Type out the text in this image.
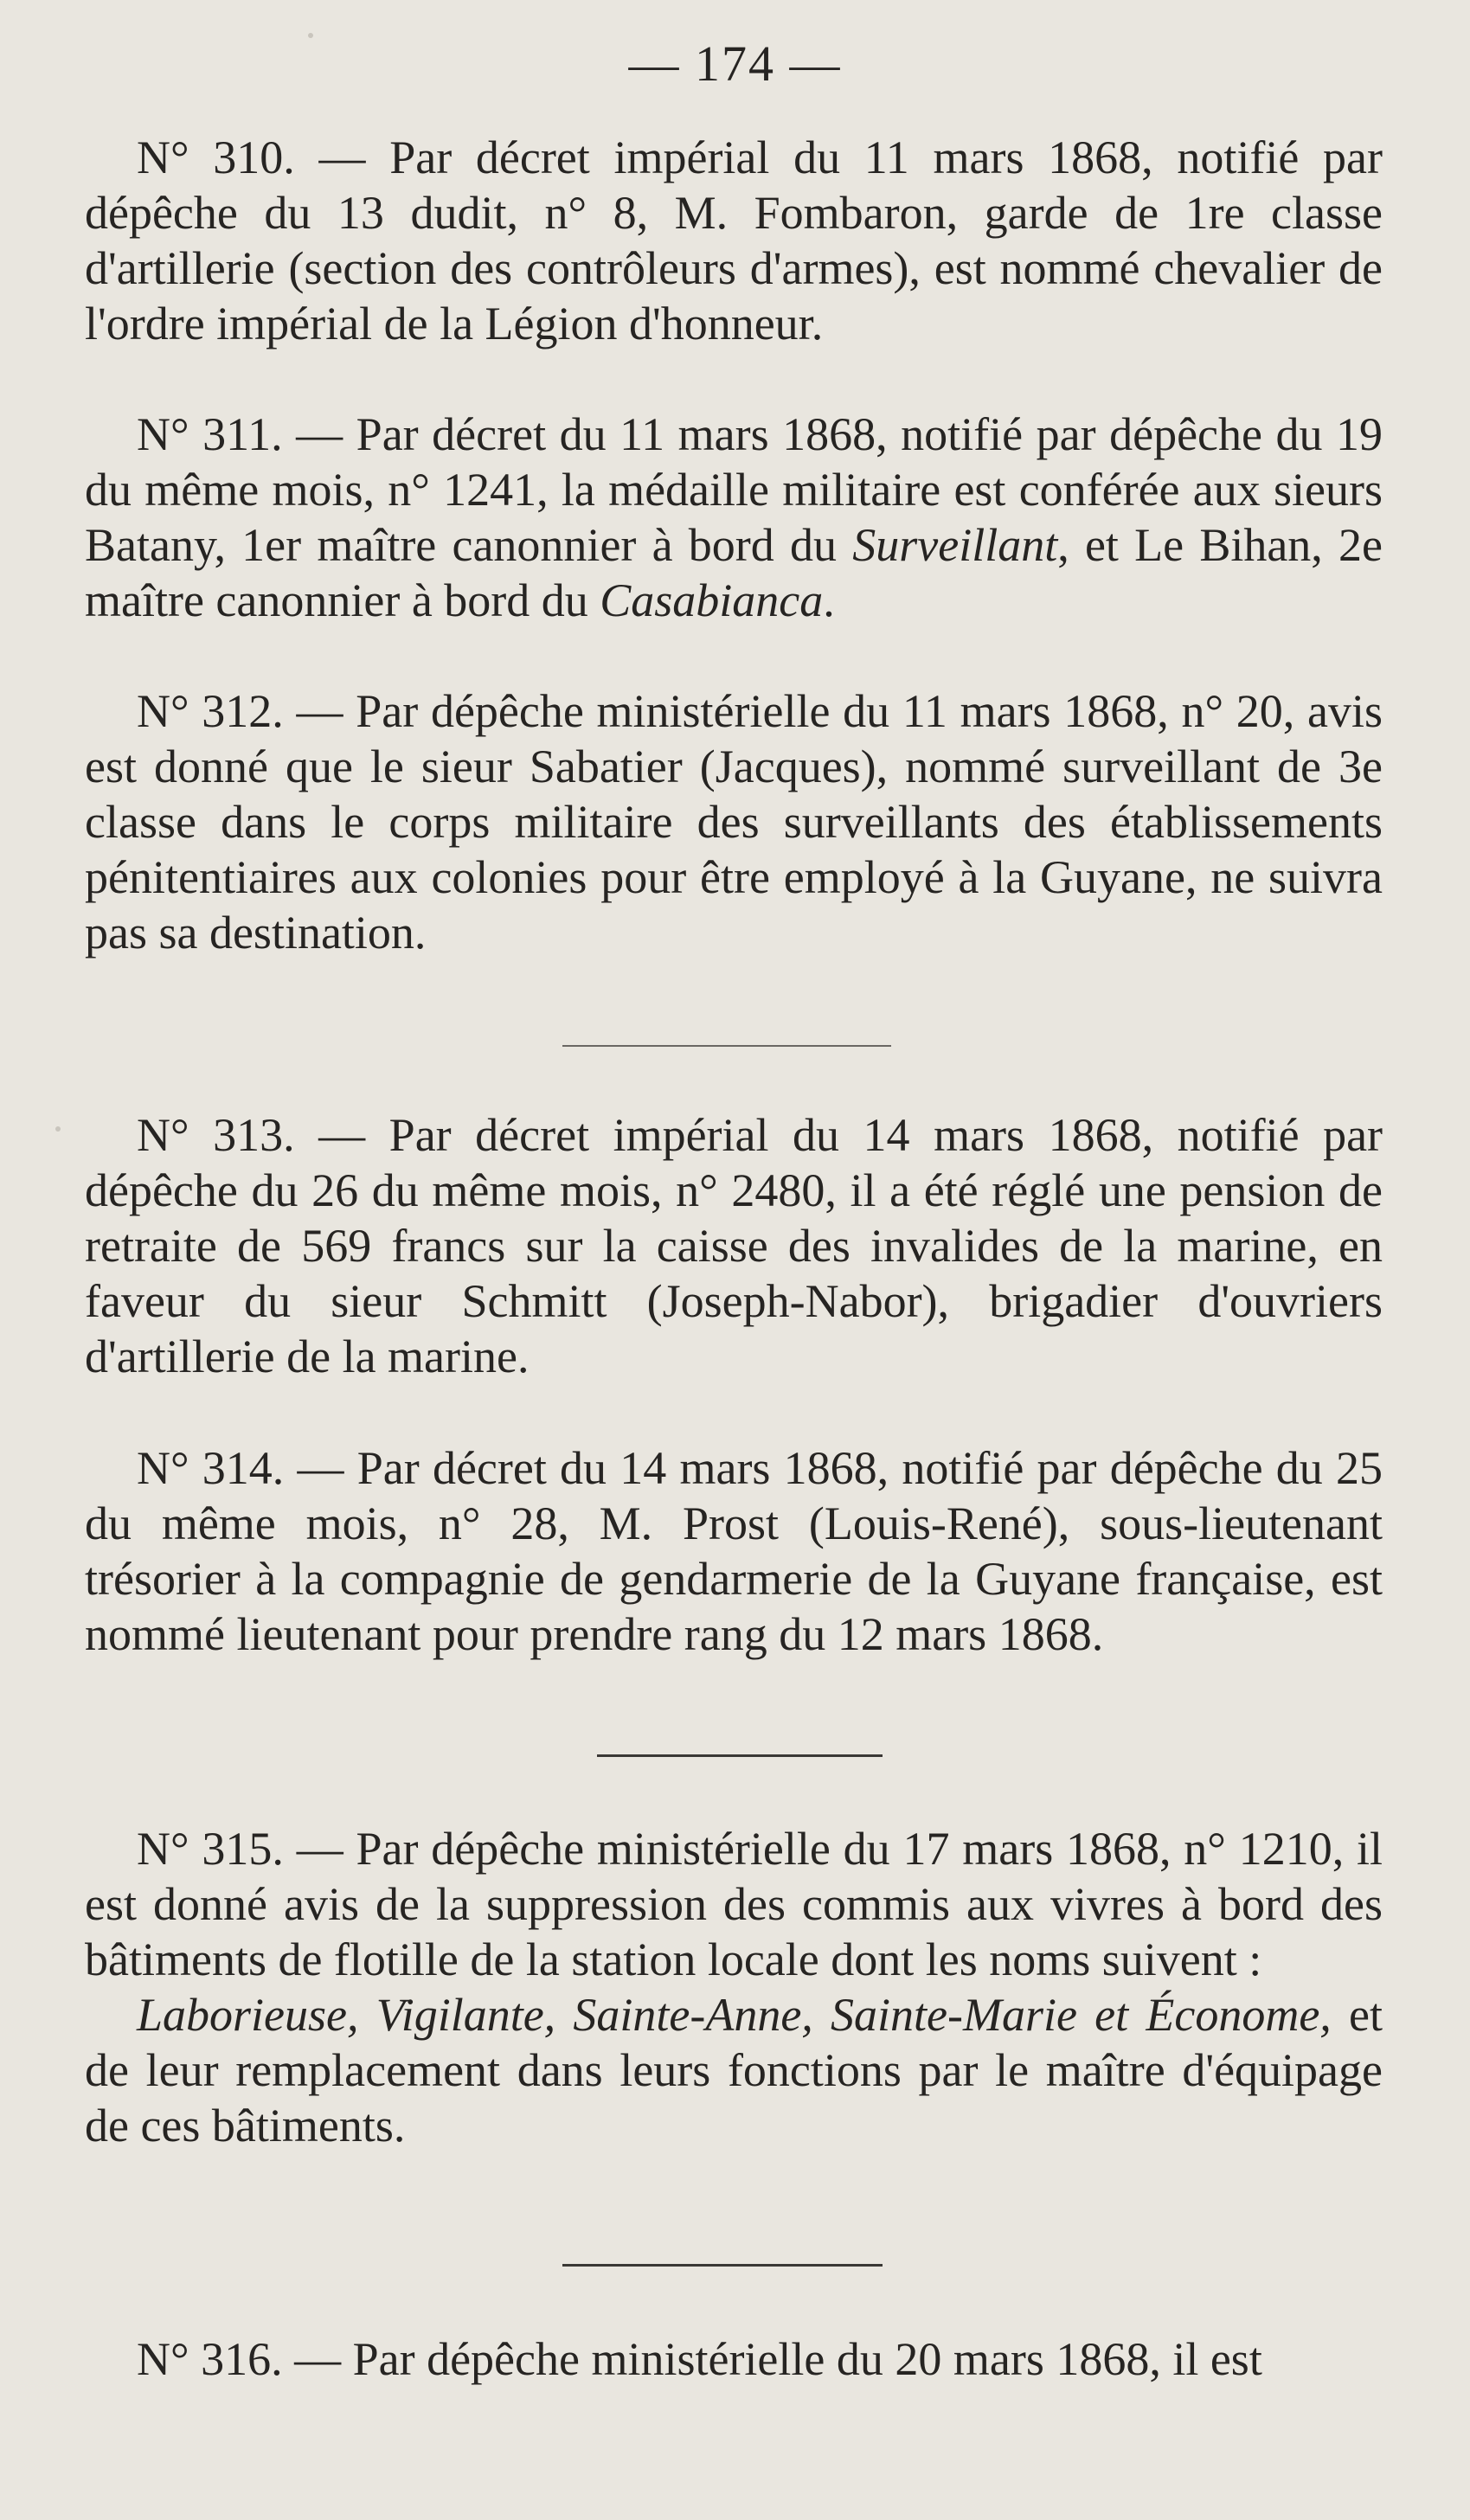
— 174 —

N° 310. — Par décret impérial du 11 mars 1868, notifié par dépêche du 13 dudit, n° 8, M. Fombaron, garde de 1re classe d'artillerie (section des contrôleurs d'armes), est nommé chevalier de l'ordre impérial de la Légion d'honneur.

N° 311. — Par décret du 11 mars 1868, notifié par dépêche du 19 du même mois, n° 1241, la médaille militaire est conférée aux sieurs Batany, 1er maître canonnier à bord du Surveillant, et Le Bihan, 2e maître canonnier à bord du Casabianca.

N° 312. — Par dépêche ministérielle du 11 mars 1868, n° 20, avis est donné que le sieur Sabatier (Jacques), nommé surveillant de 3e classe dans le corps militaire des surveillants des établissements pénitentiaires aux colonies pour être employé à la Guyane, ne suivra pas sa destination.

N° 313. — Par décret impérial du 14 mars 1868, notifié par dépêche du 26 du même mois, n° 2480, il a été réglé une pension de retraite de 569 francs sur la caisse des invalides de la marine, en faveur du sieur Schmitt (Joseph-Nabor), brigadier d'ouvriers d'artillerie de la marine.

N° 314. — Par décret du 14 mars 1868, notifié par dépêche du 25 du même mois, n° 28, M. Prost (Louis-René), sous-lieutenant trésorier à la compagnie de gendarmerie de la Guyane française, est nommé lieutenant pour prendre rang du 12 mars 1868.

N° 315. — Par dépêche ministérielle du 17 mars 1868, n° 1210, il est donné avis de la suppression des commis aux vivres à bord des bâtiments de flotille de la station locale dont les noms suivent :
Laborieuse, Vigilante, Sainte-Anne, Sainte-Marie et Économe, et de leur remplacement dans leurs fonctions par le maître d'équipage de ces bâtiments.

N° 316. — Par dépêche ministérielle du 20 mars 1868, il est
